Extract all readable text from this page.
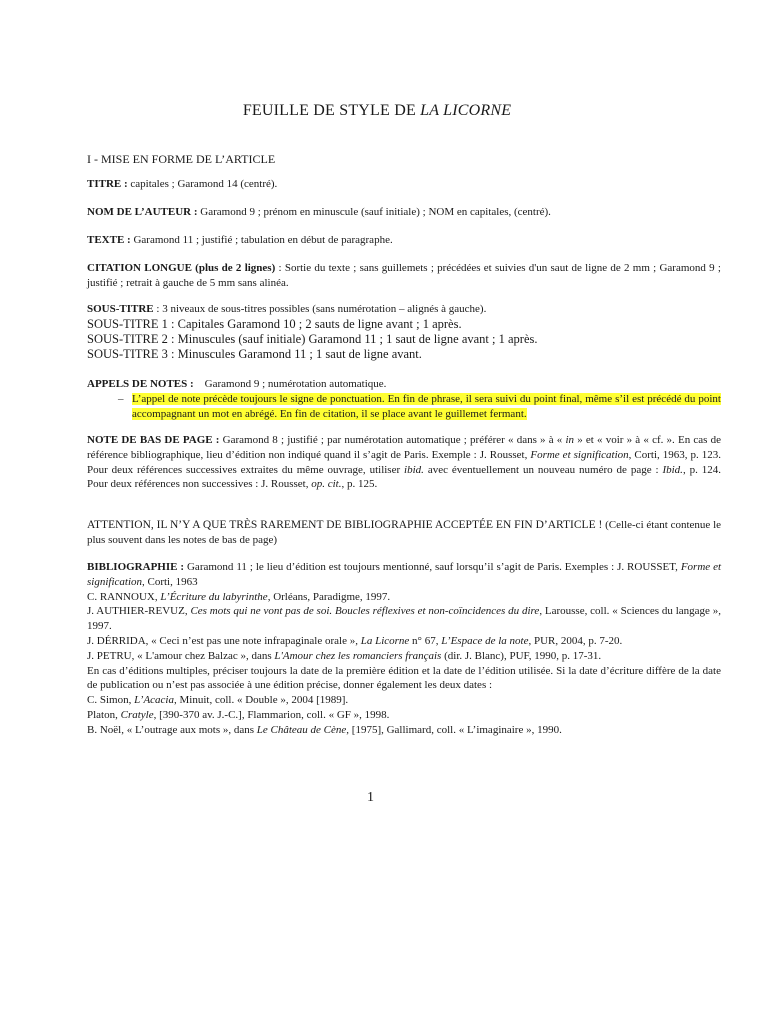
FEUILLE DE STYLE DE LA LICORNE
I - MISE EN FORME DE L’ARTICLE
TITRE : capitales ; Garamond 14 (centré).
NOM DE L’AUTEUR : Garamond 9 ; prénom en minuscule (sauf initiale) ; NOM en capitales, (centré).
TEXTE : Garamond 11 ; justifié ; tabulation en début de paragraphe.
CITATION LONGUE (plus de 2 lignes) : Sortie du texte ; sans guillemets ; précédées et suivies d'un saut de ligne de 2 mm ; Garamond 9 ; justifié ; retrait à gauche de 5 mm sans alinéa.
SOUS-TITRE : 3 niveaux de sous-titres possibles (sans numérotation – alignés à gauche).
SOUS-TITRE 1 : Capitales Garamond 10 ; 2 sauts de ligne avant ; 1 après.
SOUS-TITRE 2 : Minuscules (sauf initiale) Garamond 11 ; 1 saut de ligne avant ; 1 après.
SOUS-TITRE 3 : Minuscules Garamond 11 ; 1 saut de ligne avant.
APPELS DE NOTES :    Garamond 9 ; numérotation automatique.
– L’appel de note précède toujours le signe de ponctuation. En fin de phrase, il sera suivi du point final, même s’il est précédé du point accompagnant un mot en abrégé. En fin de citation, il se place avant le guillemet fermant.
NOTE DE BAS DE PAGE : Garamond 8 ; justifié ; par numérotation automatique ; préférer « dans » à « in » et « voir » à « cf. ». En cas de référence bibliographique, lieu d’édition non indiqué quand il s’agit de Paris. Exemple : J. Rousset, Forme et signification, Corti, 1963, p. 123. Pour deux références successives extraites du même ouvrage, utiliser ibid. avec éventuellement un nouveau numéro de page : Ibid., p. 124. Pour deux références non successives : J. Rousset, op. cit., p. 125.
ATTENTION, IL N’Y A QUE TRÈS RAREMENT DE BIBLIOGRAPHIE ACCEPTÉE EN FIN D’ARTICLE ! (Celle-ci étant contenue le plus souvent dans les notes de bas de page)
BIBLIOGRAPHIE : Garamond 11 ; le lieu d’édition est toujours mentionné, sauf lorsqu’il s’agit de Paris. Exemples : J. ROUSSET, Forme et signification, Corti, 1963
C. RANNOUX, L’Écriture du labyrinthe, Orléans, Paradigme, 1997.
J. AUTHIER-REVUZ, Ces mots qui ne vont pas de soi. Boucles réflexives et non-coïncidences du dire, Larousse, coll. « Sciences du langage », 1997.
J. DÉRRIDA, « Ceci n’est pas une note infrapaginale orale », La Licorne n° 67, L’Espace de la note, PUR, 2004, p. 7-20.
J. PETRU, « L'amour chez Balzac », dans L'Amour chez les romanciers français (dir. J. Blanc), PUF, 1990, p. 17-31.
En cas d’éditions multiples, préciser toujours la date de la première édition et la date de l’édition utilisée. Si la date d’écriture diffère de la date de publication ou n’est pas associée à une édition précise, donner également les deux dates :
C. Simon, L’Acacia, Minuit, coll. « Double », 2004 [1989].
Platon, Cratyle, [390-370 av. J.-C.], Flammarion, coll. « GF », 1998.
B. Noël, « L’outrage aux mots », dans Le Château de Cène, [1975], Gallimard, coll. « L’imaginaire », 1990.
1
